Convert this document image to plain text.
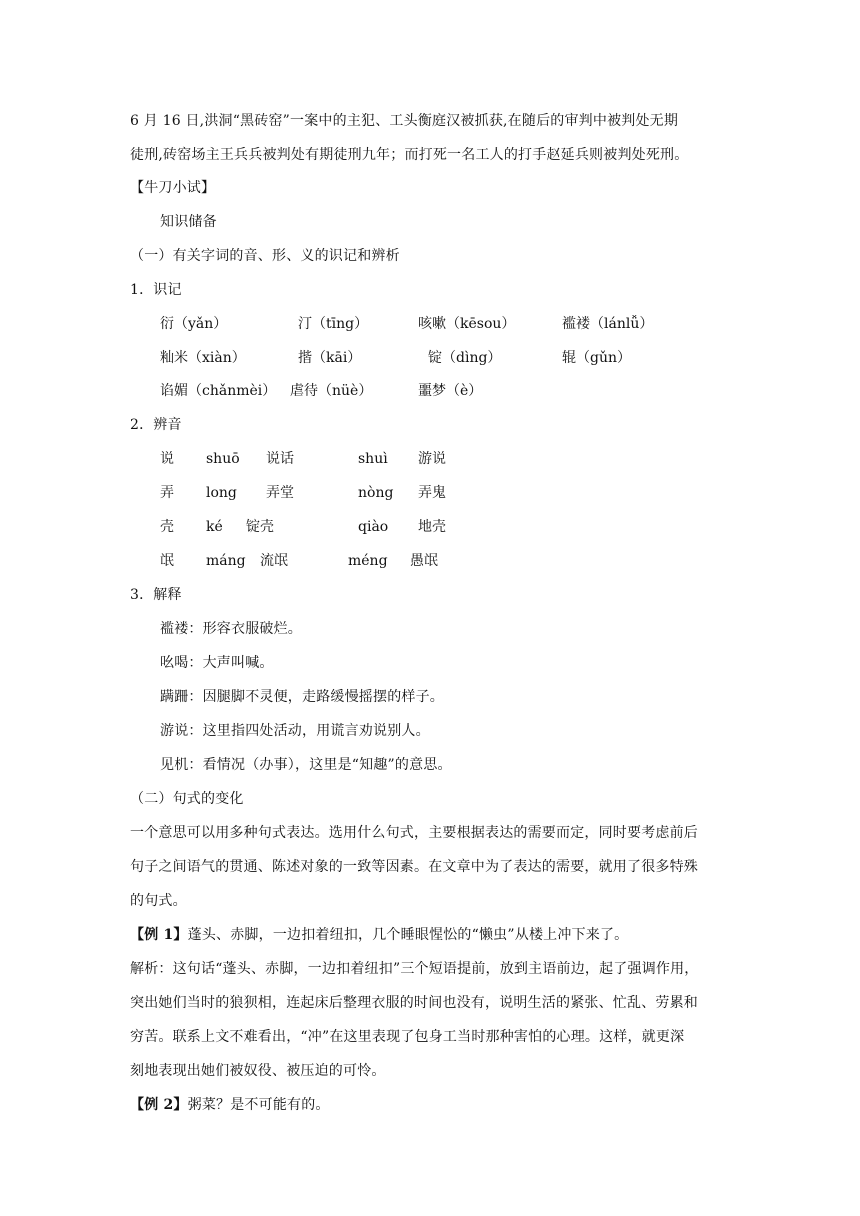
6 月 16 日,洪洞“黑砖窑”一案中的主犯、工头衡庭汉被抓获,在随后的审判中被判处无期
徒刑,砖窑场主王兵兵被判处有期徒刑九年；而打死一名工人的打手赵延兵则被判处死刑。
【牛刀小试】
知识储备
（一）有关字词的音、形、义的识记和辨析
1．识记
衍（yǎn）	汀（tīng）	咳嗽（kēsou）	褴褛（lánlǚ）
籼米（xiàn）	揩（kāi）	锭（dìng）	辊（gǔn）
谄媚（chǎnmèi） 虐待（nüè）	噩梦（è）
2．辨音
说 shuō 说话	shuì 游说
弄 long 弄堂	nòng 弄鬼
壳 ké 锭壳	qiào 地壳
氓 máng 流氓	méng 愚氓
3．解释
褴褛：形容衣服破烂。
吆喝：大声叫喊。
蹒跚：因腿脚不灵便，走路缓慢摇摆的样子。
游说：这里指四处活动，用谎言劝说别人。
见机：看情况（办事），这里是“知趣”的意思。
（二）句式的变化
一个意思可以用多种句式表达。选用什么句式，主要根据表达的需要而定，同时要考虑前后
句子之间语气的贯通、陈述对象的一致等因素。在文章中为了表达的需要，就用了很多特殊
的句式。
【例 1】蓬头、赤脚，一边扣着纽扣，几个睡眼惺忪的“懒虫”从楼上冲下来了。
解析：这句话“蓬头、赤脚，一边扣着纽扣”三个短语提前，放到主语前边，起了强调作用，
突出她们当时的狼狈相，连起床后整理衣服的时间也没有，说明生活的紧张、忙乱、劳累和
穷苦。联系上文不难看出，“冲”在这里表现了包身工当时那种害怕的心理。这样，就更深
刻地表现出她们被奴役、被压迫的可怜。
【例 2】粥菜？是不可能有的。
